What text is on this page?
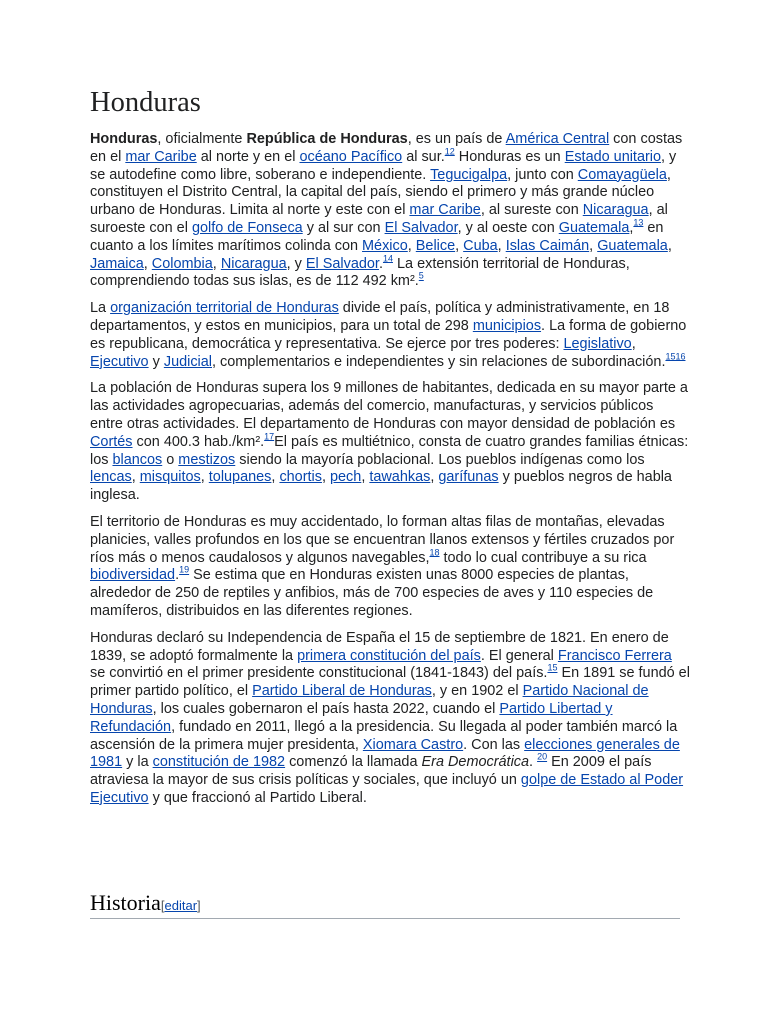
Honduras

Honduras, oficialmente República de Honduras, es un país de América Central con costas en el mar Caribe al norte y en el océano Pacífico al sur.$^{12}$ Honduras es un Estado unitario, y se autodefine como libre, soberano e independiente. Tegucigalpa, junto con Comayagüela, constituyen el Distrito Central, la capital del país, siendo el primero y más grande núcleo urbano de Honduras. Limita al norte y este con el mar Caribe, al sureste con Nicaragua, al suroeste con el golfo de Fonseca y al sur con El Salvador, y al oeste con Guatemala,$^{13}$ en cuanto a los límites marítimos colinda con México, Belice, Cuba, Islas Caimán, Guatemala, Jamaica, Colombia, Nicaragua, y El Salvador.$^{14}$ La extensión territorial de Honduras, comprendiendo todas sus islas, es de 112 492 km².$^5$

La organización territorial de Honduras divide el país, política y administrativamente, en 18 departamentos, y estos en municipios, para un total de 298 municipios. La forma de gobierno es republicana, democrática y representativa. Se ejerce por tres poderes: Legislativo, Ejecutivo y Judicial, complementarios e independientes y sin relaciones de subordinación.$^{1516}$

La población de Honduras supera los 9 millones de habitantes, dedicada en su mayor parte a las actividades agropecuarias, además del comercio, manufacturas, y servicios públicos entre otras actividades. El departamento de Honduras con mayor densidad de población es Cortés con 400.3 hab./km².$^{17}$El país es multiétnico, consta de cuatro grandes familias étnicas: los blancos o mestizos siendo la mayoría poblacional. Los pueblos indígenas como los lencas, misquitos, tolupanes, chortis, pech, tawahkas, garífunas y pueblos negros de habla inglesa.

El territorio de Honduras es muy accidentado, lo forman altas filas de montañas, elevadas planicies, valles profundos en los que se encuentran llanos extensos y fértiles cruzados por ríos más o menos caudalosos y algunos navegables,$^{18}$ todo lo cual contribuye a su rica biodiversidad.$^{19}$ Se estima que en Honduras existen unas 8000 especies de plantas, alrededor de 250 de reptiles y anfibios, más de 700 especies de aves y 110 especies de mamíferos, distribuidos en las diferentes regiones.

Honduras declaró su Independencia de España el 15 de septiembre de 1821. En enero de 1839, se adoptó formalmente la primera constitución del país. El general Francisco Ferrera se convirtió en el primer presidente constitucional (1841-1843) del país.$^{15}$ En 1891 se fundó el primer partido político, el Partido Liberal de Honduras, y en 1902 el Partido Nacional de Honduras, los cuales gobernaron el país hasta 2022, cuando el Partido Libertad y Refundación, fundado en 2011, llegó a la presidencia. Su llegada al poder también marcó la ascensión de la primera mujer presidenta, Xiomara Castro. Con las elecciones generales de 1981 y la constitución de 1982 comenzó la llamada Era Democrática. $^{20}$ En 2009 el país atraviesa la mayor de sus crisis políticas y sociales, que incluyó un golpe de Estado al Poder Ejecutivo y que fraccionó al Partido Liberal.

Historia[editar]
